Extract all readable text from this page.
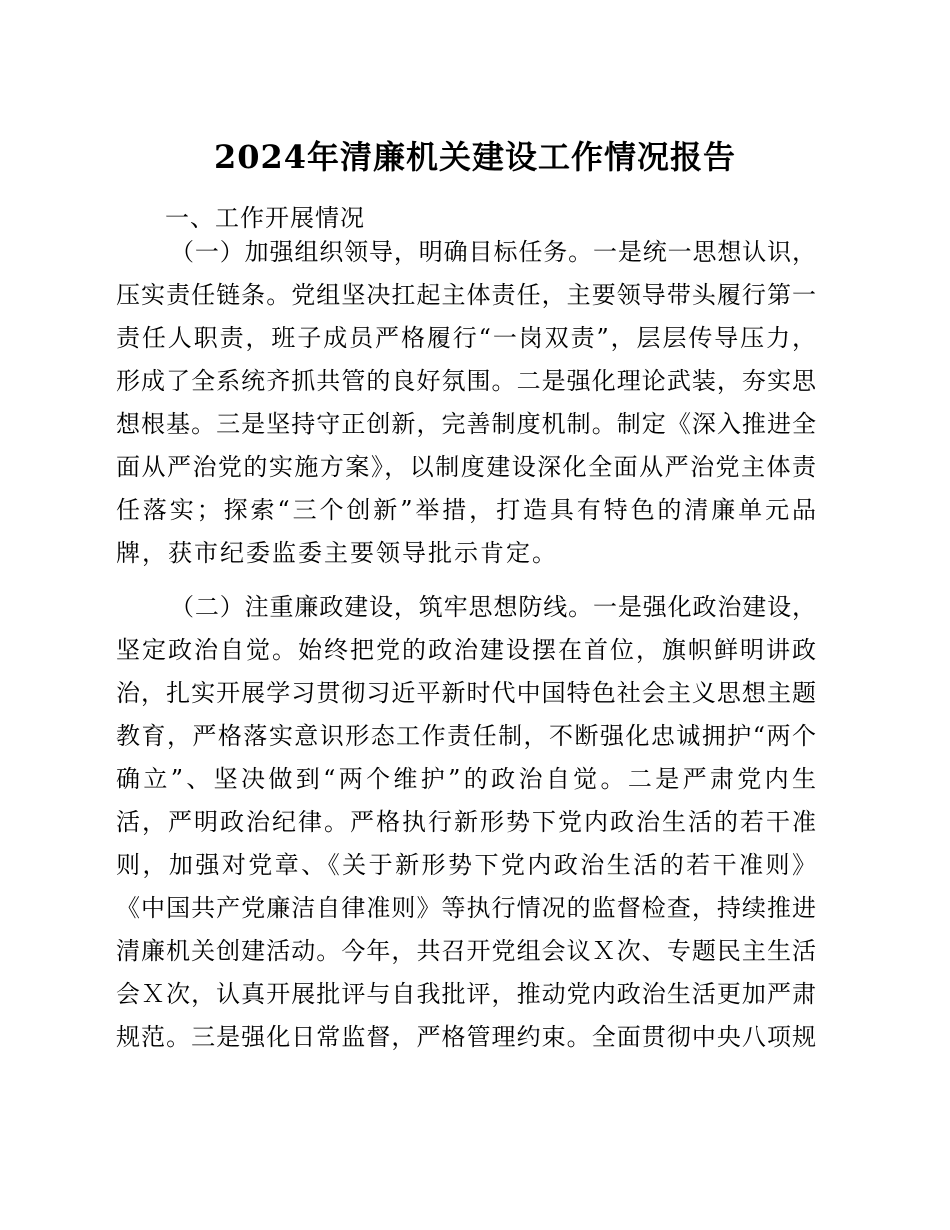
2024年清廉机关建设工作情况报告
一、工作开展情况
（一）加强组织领导，明确目标任务。一是统一思想认识，
压实责任链条。党组坚决扛起主体责任，主要领导带头履行第一
责任人职责，班子成员严格履行“一岗双责”，层层传导压力，
形成了全系统齐抓共管的良好氛围。二是强化理论武装，夯实思
想根基。三是坚持守正创新，完善制度机制。制定《深入推进全
面从严治党的实施方案》，以制度建设深化全面从严治党主体责
任落实；探索“三个创新”举措，打造具有特色的清廉单元品
牌，获市纪委监委主要领导批示肯定。
（二）注重廉政建设，筑牢思想防线。一是强化政治建设，
坚定政治自觉。始终把党的政治建设摆在首位，旗帜鲜明讲政
治，扎实开展学习贯彻习近平新时代中国特色社会主义思想主题
教育，严格落实意识形态工作责任制，不断强化忠诚拥护“两个
确立”、坚决做到“两个维护”的政治自觉。二是严肃党内生
活，严明政治纪律。严格执行新形势下党内政治生活的若干准
则，加强对党章、《关于新形势下党内政治生活的若干准则》
《中国共产党廉洁自律准则》等执行情况的监督检查，持续推进
清廉机关创建活动。今年，共召开党组会议Ｘ次、专题民主生活
会Ｘ次，认真开展批评与自我批评，推动党内政治生活更加严肃
规范。三是强化日常监督，严格管理约束。全面贯彻中央八项规
